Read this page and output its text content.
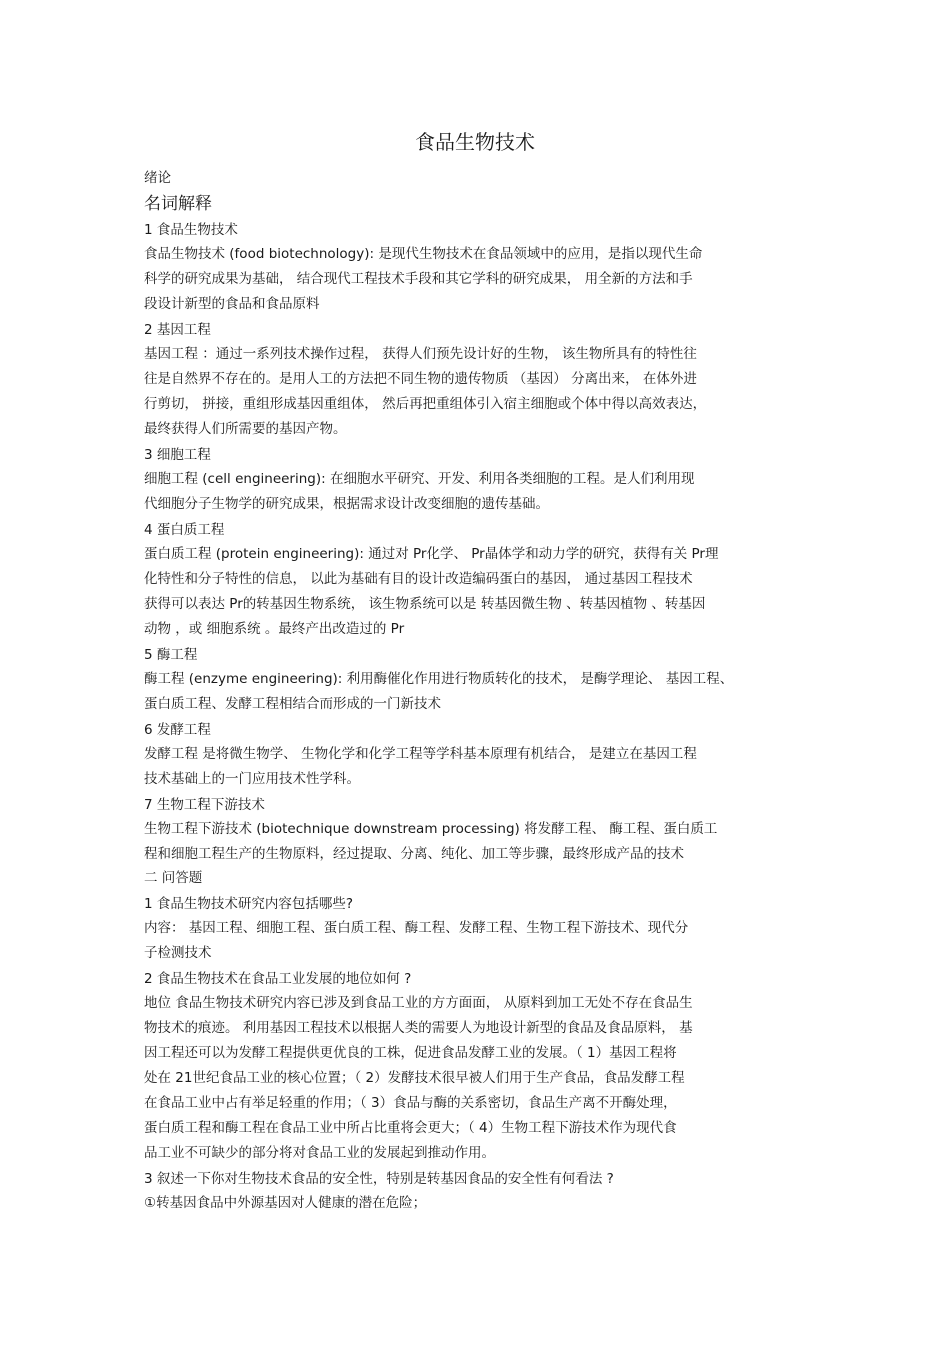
食品生物技术
绪论
名词解释
1 食品生物技术
食品生物技术 (food biotechnology): 是现代生物技术在食品领域中的应用，是指以现代生命
科学的研究成果为基础， 结合现代工程技术手段和其它学科的研究成果， 用全新的方法和手
段设计新型的食品和食品原料
2 基因工程
基因工程 ：通过一系列技术操作过程， 获得人们预先设计好的生物， 该生物所具有的特性往
往是自然界不存在的。是用人工的方法把不同生物的遗传物质 （基因） 分离出来， 在体外进
行剪切， 拼接，重组形成基因重组体， 然后再把重组体引入宿主细胞或个体中得以高效表达，
最终获得人们所需要的基因产物。
3 细胞工程
细胞工程 (cell engineering): 在细胞水平研究、开发、利用各类细胞的工程。是人们利用现
代细胞分子生物学的研究成果，根据需求设计改变细胞的遗传基础。
4 蛋白质工程
蛋白质工程 (protein engineering): 通过对 Pr化学、 Pr晶体学和动力学的研究，获得有关 Pr理
化特性和分子特性的信息， 以此为基础有目的设计改造编码蛋白的基因， 通过基因工程技术
获得可以表达 Pr的转基因生物系统， 该生物系统可以是 转基因微生物 、转基因植物 、转基因
动物 ，或 细胞系统 。最终产出改造过的 Pr
5 酶工程
酶工程 (enzyme engineering): 利用酶催化作用进行物质转化的技术， 是酶学理论、 基因工程、
蛋白质工程、发酵工程相结合而形成的一门新技术
6 发酵工程
发酵工程 是将微生物学、 生物化学和化学工程等学科基本原理有机结合， 是建立在基因工程
技术基础上的一门应用技术性学科。
7 生物工程下游技术
生物工程下游技术 (biotechnique downstream processing) 将发酵工程、 酶工程、蛋白质工
程和细胞工程生产的生物原料，经过提取、分离、纯化、加工等步骤，最终形成产品的技术
二 问答题
1 食品生物技术研究内容包括哪些?
内容： 基因工程、细胞工程、蛋白质工程、酶工程、发酵工程、生物工程下游技术、现代分
子检测技术
2 食品生物技术在食品工业发展的地位如何 ?
地位 食品生物技术研究内容已涉及到食品工业的方方面面， 从原料到加工无处不存在食品生
物技术的痕迹。 利用基因工程技术以根据人类的需要人为地设计新型的食品及食品原料， 基
因工程还可以为发酵工程提供更优良的工株，促进食品发酵工业的发展。（ 1）基因工程将
处在 21世纪食品工业的核心位置；（ 2）发酵技术很早被人们用于生产食品，食品发酵工程
在食品工业中占有举足轻重的作用；（ 3）食品与酶的关系密切，食品生产离不开酶处理，
蛋白质工程和酶工程在食品工业中所占比重将会更大；（ 4）生物工程下游技术作为现代食
品工业不可缺少的部分将对食品工业的发展起到推动作用。
3 叙述一下你对生物技术食品的安全性，特别是转基因食品的安全性有何看法 ?
①转基因食品中外源基因对人健康的潜在危险；
